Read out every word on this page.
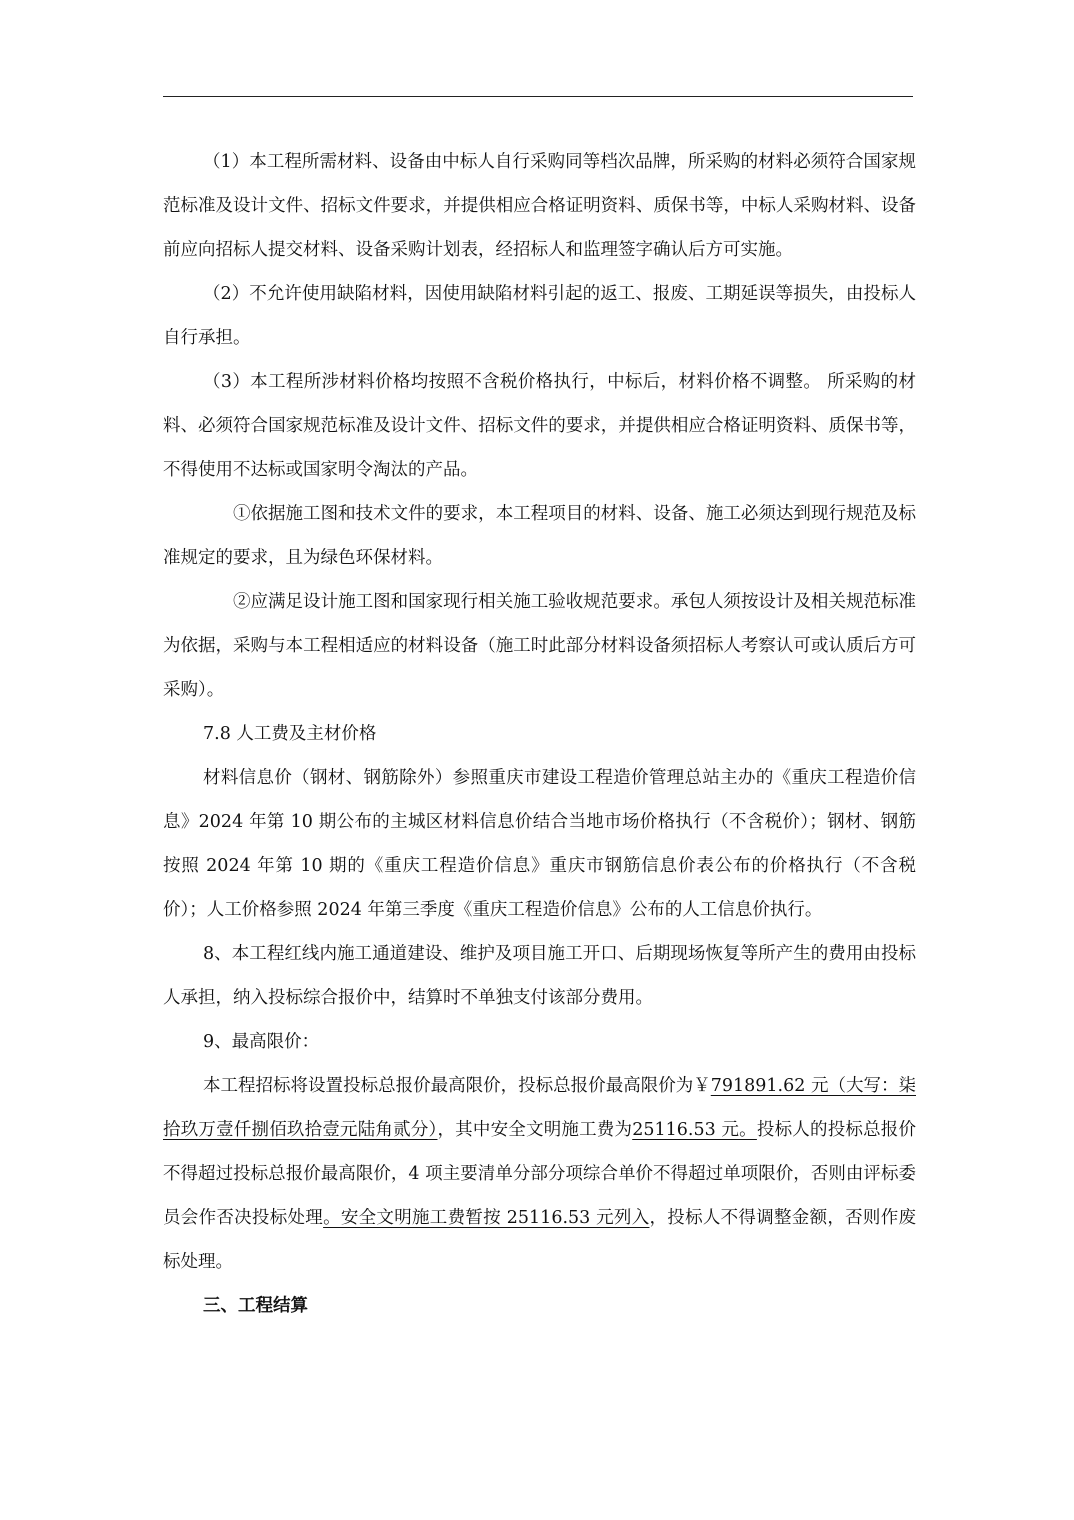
（1）本工程所需材料、设备由中标人自行采购同等档次品牌，所采购的材料必须符合国家规范标准及设计文件、招标文件要求，并提供相应合格证明资料、质保书等，中标人采购材料、设备前应向招标人提交材料、设备采购计划表，经招标人和监理签字确认后方可实施。

（2）不允许使用缺陷材料，因使用缺陷材料引起的返工、报废、工期延误等损失，由投标人自行承担。

（3）本工程所涉材料价格均按照不含税价格执行，中标后，材料价格不调整。 所采购的材料、必须符合国家规范标准及设计文件、招标文件的要求，并提供相应合格证明资料、质保书等，不得使用不达标或国家明令淘汰的产品。

①依据施工图和技术文件的要求，本工程项目的材料、设备、施工必须达到现行规范及标准规定的要求，且为绿色环保材料。

②应满足设计施工图和国家现行相关施工验收规范要求。承包人须按设计及相关规范标准为依据，采购与本工程相适应的材料设备（施工时此部分材料设备须招标人考察认可或认质后方可采购）。

7.8 人工费及主材价格

材料信息价（钢材、钢筋除外）参照重庆市建设工程造价管理总站主办的《重庆工程造价信息》2024 年第 10 期公布的主城区材料信息价结合当地市场价格执行（不含税价）；钢材、钢筋按照 2024 年第 10 期的《重庆工程造价信息》重庆市钢筋信息价表公布的价格执行（不含税价）；人工价格参照 2024 年第三季度《重庆工程造价信息》公布的人工信息价执行。

8、本工程红线内施工通道建设、维护及项目施工开口、后期现场恢复等所产生的费用由投标人承担，纳入投标综合报价中，结算时不单独支付该部分费用。

9、最高限价：

本工程招标将设置投标总报价最高限价，投标总报价最高限价为￥791891.62 元（大写：柒拾玖万壹仟捌佰玖拾壹元陆角贰分），其中安全文明施工费为25116.53 元。投标人的投标总报价不得超过投标总报价最高限价，4 项主要清单分部分项综合单价不得超过单项限价，否则由评标委员会作否决投标处理。安全文明施工费暂按 25116.53 元列入，投标人不得调整金额，否则作废标处理。

三、工程结算
